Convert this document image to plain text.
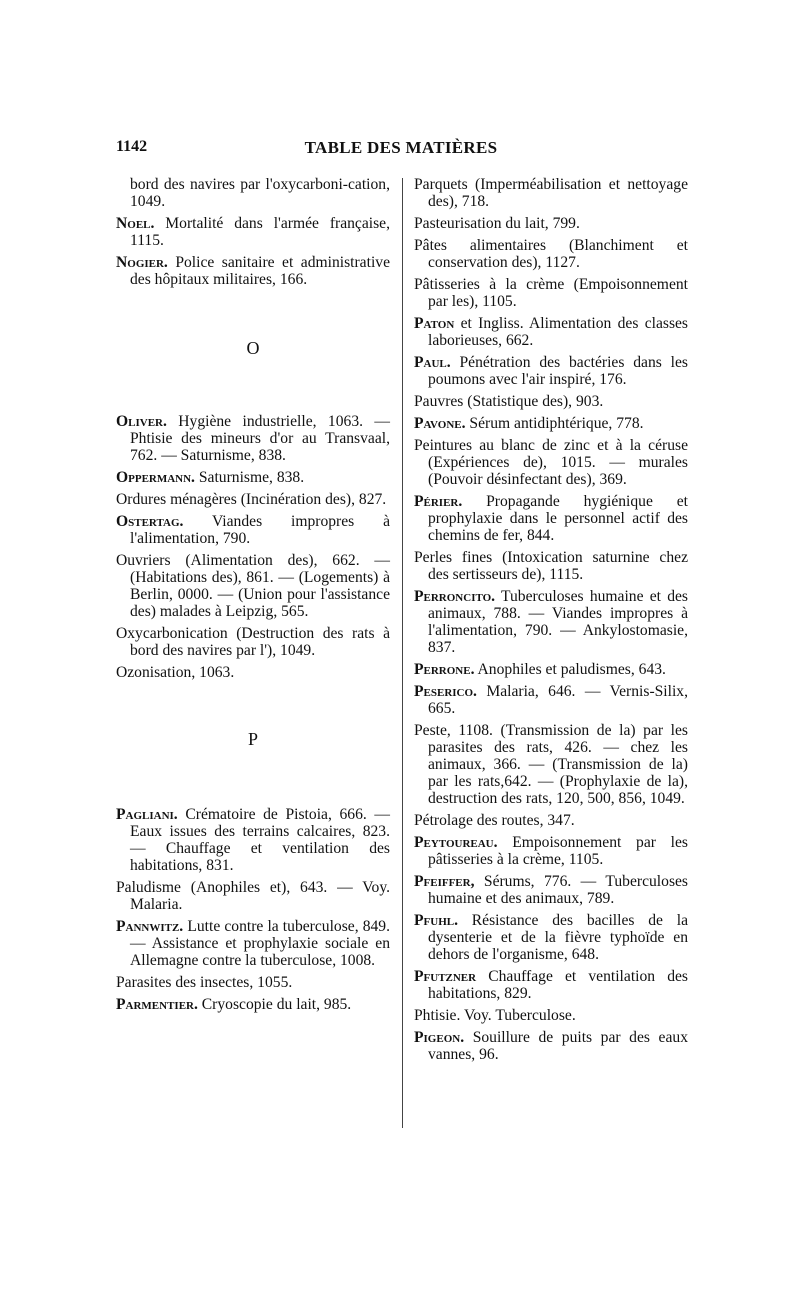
1142	TABLE DES MATIÈRES

bord des navires par l'oxycarboni-cation, 1049.

Noel. Mortalité dans l'armée française, 1115.

Nogier. Police sanitaire et administrative des hôpitaux militaires, 166.

O

Oliver. Hygiène industrielle, 1063. — Phtisie des mineurs d'or au Transvaal, 762. — Saturnisme, 838.

Oppermann. Saturnisme, 838.

Ordures ménagères (Incinération des), 827.

Ostertag. Viandes impropres à l'alimentation, 790.

Ouvriers (Alimentation des), 662. — (Habitations des), 861. — (Logements) à Berlin, 0000. — (Union pour l'assistance des) malades à Leipzig, 565.

Oxycarbonication (Destruction des rats à bord des navires par l'), 1049.

Ozonisation, 1063.

P

Pagliani. Crématoire de Pistoia, 666. — Eaux issues des terrains calcaires, 823. — Chauffage et ventilation des habitations, 831.

Paludisme (Anophiles et), 643. — Voy. Malaria.

Pannwitz. Lutte contre la tuberculose, 849. — Assistance et prophylaxie sociale en Allemagne contre la tuberculose, 1008.

Parasites des insectes, 1055.

Parmentier. Cryoscopie du lait, 985.

Parquets (Imperméabilisation et nettoyage des), 718.

Pasteurisation du lait, 799.

Pâtes alimentaires (Blanchiment et conservation des), 1127.

Pâtisseries à la crème (Empoisonnement par les), 1105.

Paton et Ingliss. Alimentation des classes laborieuses, 662.

Paul. Pénétration des bactéries dans les poumons avec l'air inspiré, 176.

Pauvres (Statistique des), 903.

Pavone. Sérum antidiphtérique, 778.

Peintures au blanc de zinc et à la céruse (Expériences de), 1015. — murales (Pouvoir désinfectant des), 369.

Périer. Propagande hygiénique et prophylaxie dans le personnel actif des chemins de fer, 844.

Perles fines (Intoxication saturnine chez des sertisseurs de), 1115.

Perroncito. Tuberculoses humaine et des animaux, 788. — Viandes impropres à l'alimentation, 790. — Ankylostomasie, 837.

Perrone. Anophiles et paludismes, 643.

Peserico. Malaria, 646. — Vernis-Silix, 665.

Peste, 1108. (Transmission de la) par les parasites des rats, 426. — chez les animaux, 366. — (Transmission de la) par les rats,642. — (Prophylaxie de la), destruction des rats, 120, 500, 856, 1049.

Pétrolage des routes, 347.

Peytoureau. Empoisonnement par les pâtisseries à la crème, 1105.

Pfeiffer, Sérums, 776. — Tuberculoses humaine et des animaux, 789.

Pfuhl. Résistance des bacilles de la dysenterie et de la fièvre typhoïde en dehors de l'organisme, 648.

Pfutzner Chauffage et ventilation des habitations, 829.

Phtisie. Voy. Tuberculose.

Pigeon. Souillure de puits par des eaux vannes, 96.
